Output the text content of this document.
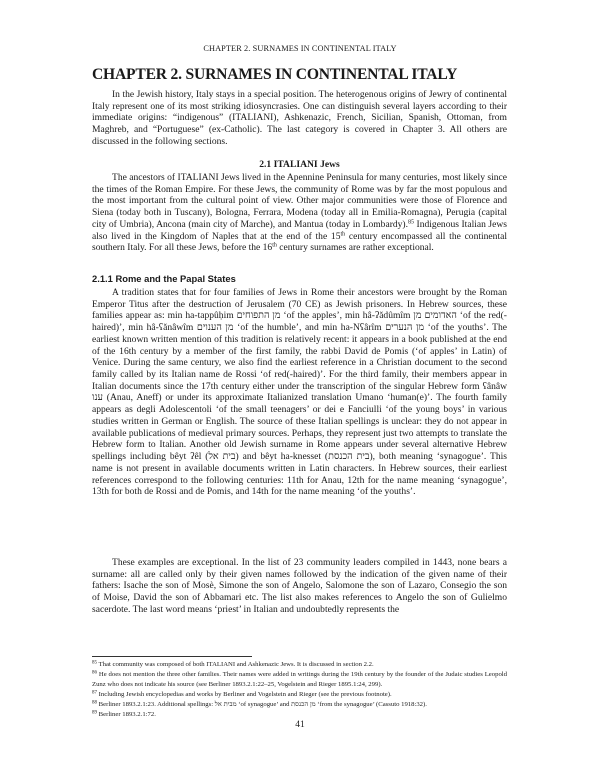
CHAPTER 2. SURNAMES IN CONTINENTAL ITALY
CHAPTER 2. SURNAMES IN CONTINENTAL ITALY

In the Jewish history, Italy stays in a special position. The heterogenous origins of Jewry of continental Italy represent one of its most striking idiosyncrasies. One can distinguish several layers according to their immediate origins: “indigenous” (ITALIANI), Ashkenazic, French, Sicilian, Spanish, Ottoman, from Maghreb, and “Portuguese” (ex-Catholic). The last category is covered in Chapter 3. All others are discussed in the following sections.

2.1 ITALIANI Jews

The ancestors of ITALIANI Jews lived in the Apennine Peninsula for many centuries, most likely since the times of the Roman Empire. For these Jews, the community of Rome was by far the most populous and the most important from the cultural point of view. Other major communities were those of Florence and Siena (today both in Tuscany), Bologna, Ferrara, Modena (today all in Emilia-Romagna), Perugia (capital city of Umbria), Ancona (main city of Marche), and Mantua (today in Lombardy).$^{85}$ Indigenous Italian Jews also lived in the Kingdom of Naples that at the end of the 15th century encompassed all the continental southern Italy. For all these Jews, before the 16th century surnames are rather exceptional.

2.1.1 Rome and the Papal States

A tradition states that for four families of Jews in Rome their ancestors were brought by the Roman Emperor Titus after the destruction of Jerusalem (70 CE) as Jewish prisoners. In Hebrew sources, these families appear as: min ha-tappûḥim מן התפוחים ‘of the apples’, min hâ-ʔădûmîm האדומים מן ‘of the red(-haired)’, min hâ-ʕănâwîm מן הענוים ‘of the humble’, and min ha-Nʕârîm מן הנערים ‘of the youths’. The earliest known written mention of this tradition is relatively recent: it appears in a book published at the end of the 16th century by a member of the first family, the rabbi David de Pomis (‘of apples’ in Latin) of Venice. During the same century, we also find the earliest reference in a Christian document to the second family called by its Italian name de Rossi ‘of red(-haired)’. For the third family, their members appear in Italian documents since the 17th century either under the transcription of the singular Hebrew form ʕânâw ענו (Anau, Aneff) or under its approximate Italianized translation Umano ‘human(e)’. The fourth family appears as degli Adolescentoli ‘of the small teenagers’ or dei e Fanciulli ‘of the young boys’ in various studies written in German or English. The source of these Italian spellings is unclear: they do not appear in available publications of medieval primary sources. Perhaps, they represent just two attempts to translate the Hebrew form to Italian. Another old Jewish surname in Rome appears under several alternative Hebrew spellings including bêyt ʔêl (בית אל) and bêyt ha-knesset (בית הכנסת), both meaning ‘synagogue’. This name is not present in available documents written in Latin characters. In Hebrew sources, their earliest references correspond to the following centuries: 11th for Anau, 12th for the name meaning ‘synagogue’, 13th for both de Rossi and de Pomis, and 14th for the name meaning ‘of the youths’.

These examples are exceptional. In the list of 23 community leaders compiled in 1443, none bears a surname: all are called only by their given names followed by the indication of the given name of their fathers: Isache the son of Mosè, Simone the son of Angelo, Salomone the son of Lazaro, Consegio the son of Moise, David the son of Abbamari etc. The list also makes references to Angelo the son of Gulielmo sacerdote. The last word means ‘priest’ in Italian and undoubtedly represents the

$^{85}$ That community was composed of both ITALIANI and Ashkenazic Jews. It is discussed in section 2.2.

$^{86}$ He does not mention the three other families. Their names were added in writings during the 19th century by the founder of the Judaic studies Leopold Zunz who does not indicate his source (see Berliner 1893.2.1:22–25, Vogelstein and Rieger 1895.1:24, 299).

$^{87}$ Including Jewish encyclopedias and works by Berliner and Vogelstein and Rieger (see the previous footnote).

$^{88}$ Berliner 1893.2.1:23. Additional spellings: מבית אל ‘of synagogue’ and מן הכנסת ‘from the synagogue’ (Cassuto 1918:32).

$^{89}$ Berliner 1893.2.1:72.

41
